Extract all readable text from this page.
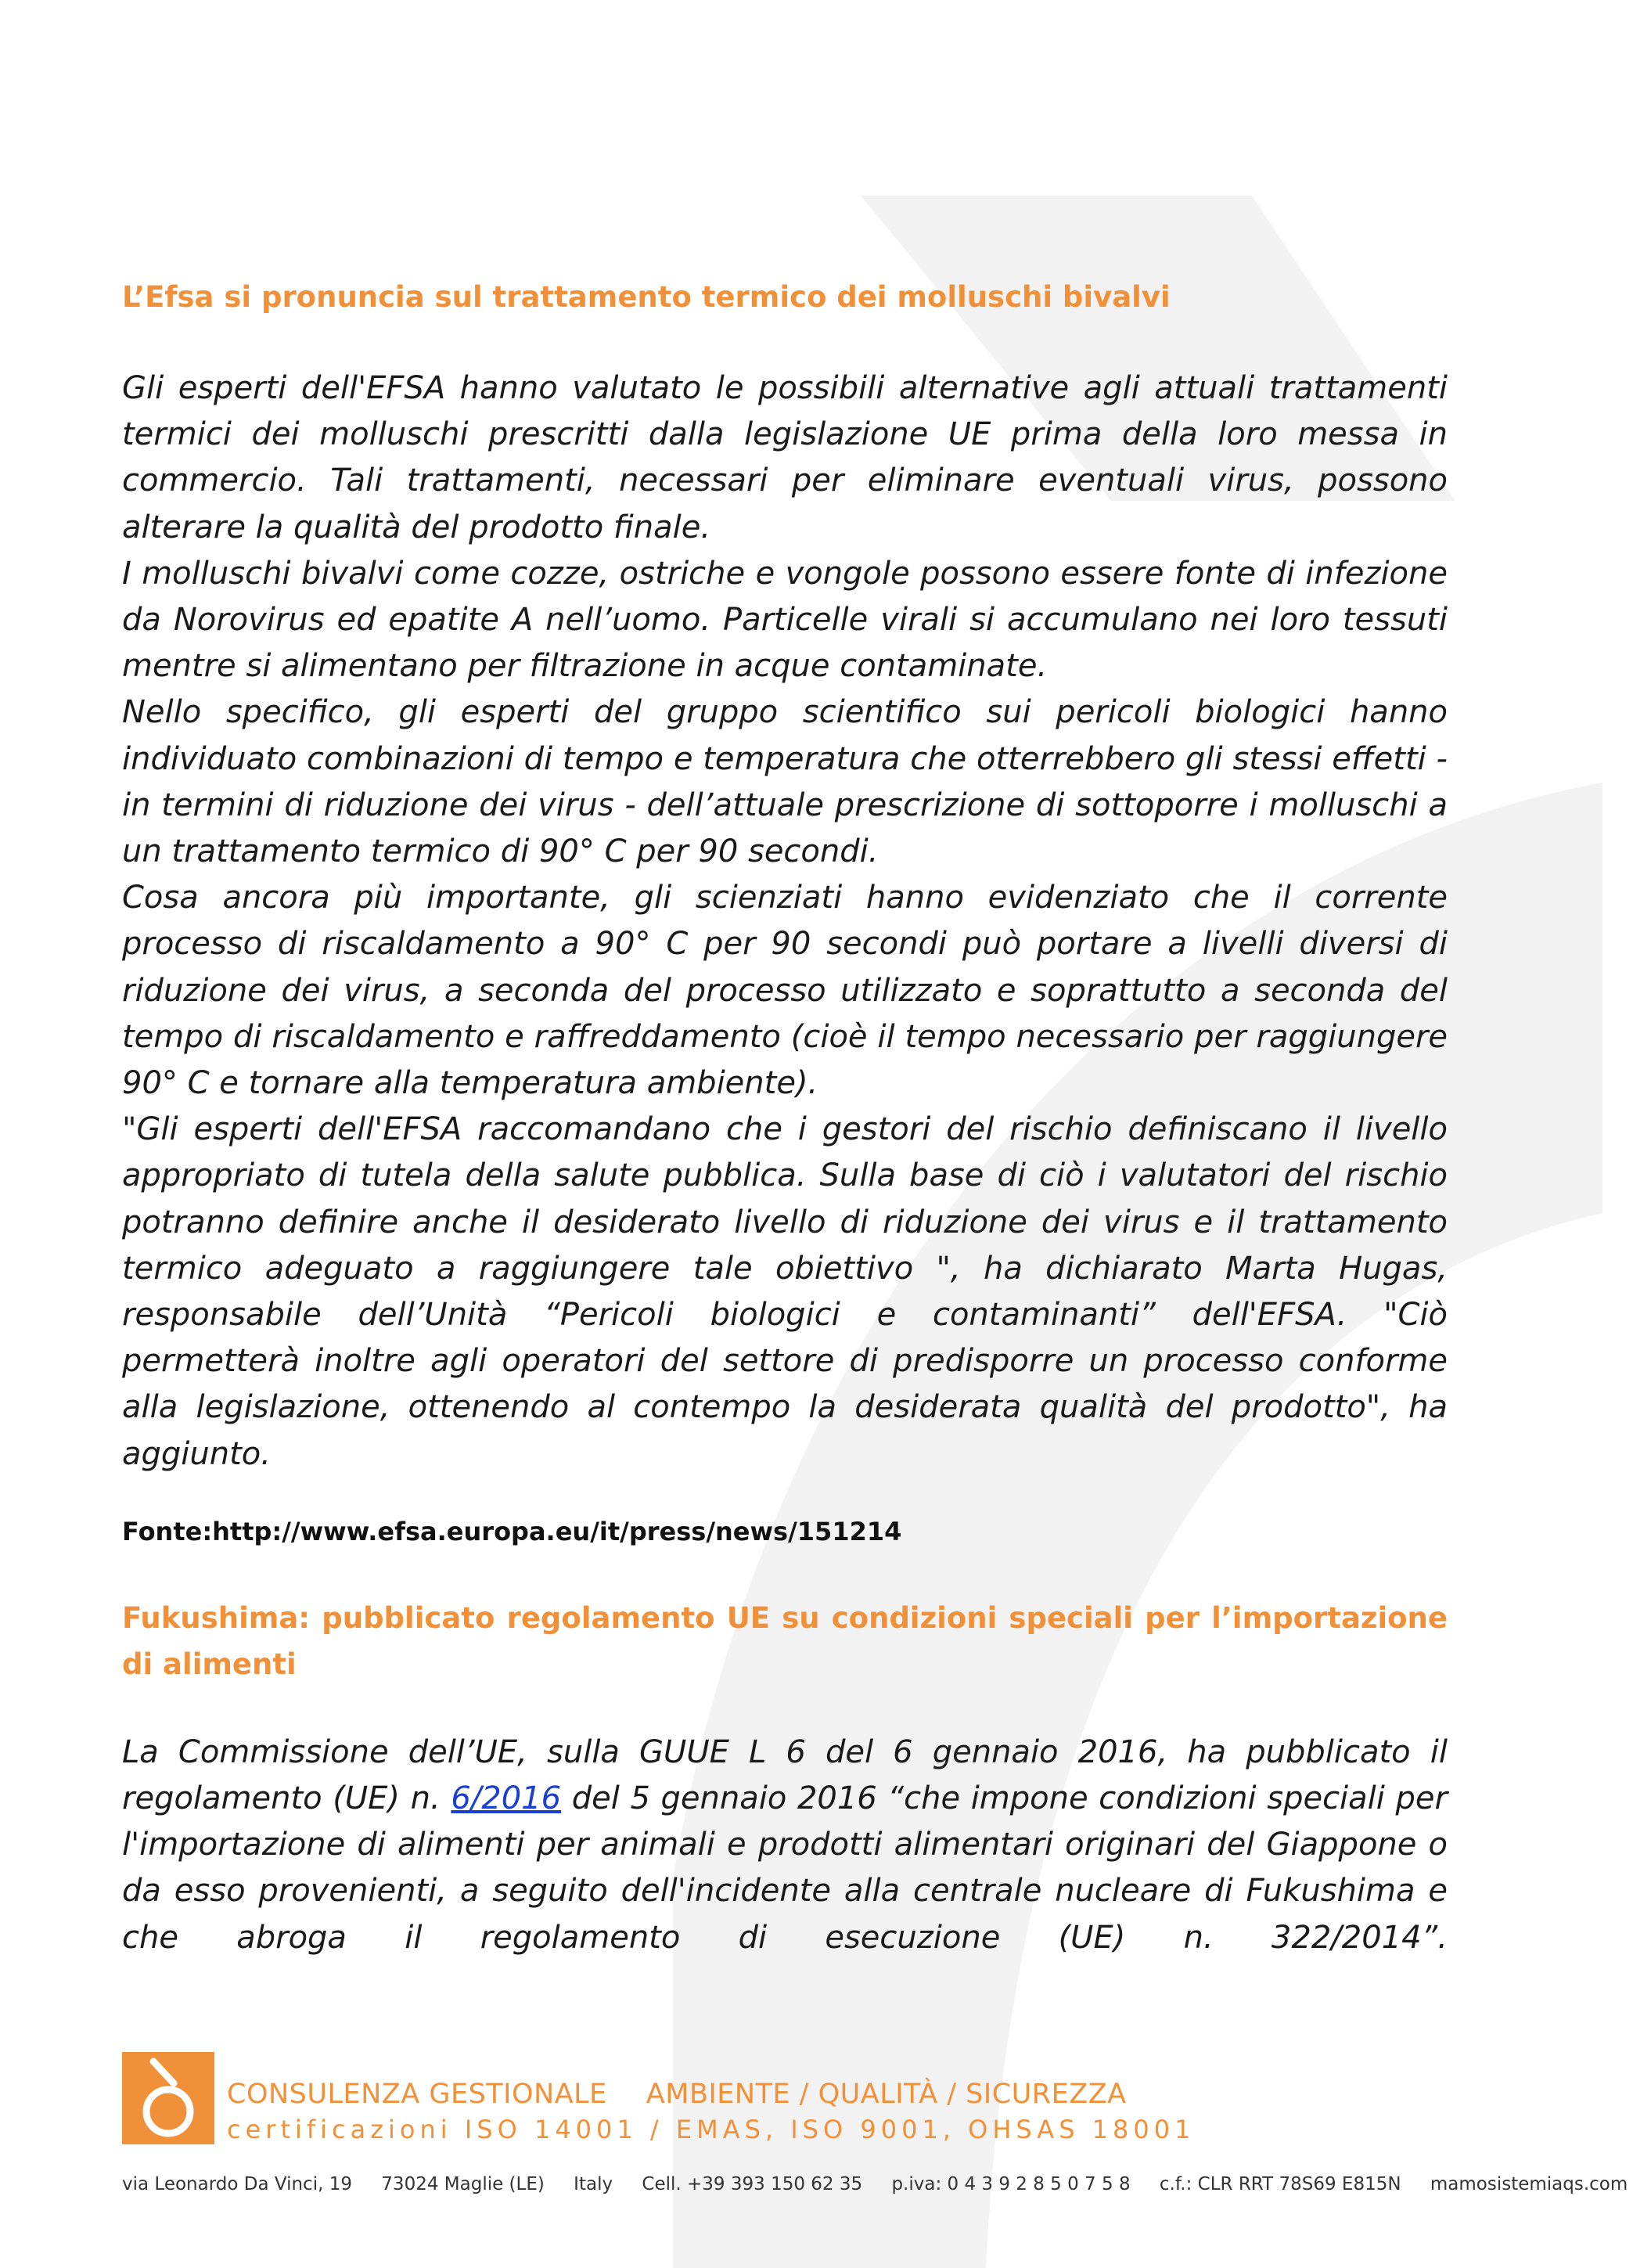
L’Efsa si pronuncia sul trattamento termico dei molluschi bivalvi

Gli esperti dell'EFSA hanno valutato le possibili alternative agli attuali trattamenti termici dei molluschi prescritti dalla legislazione UE prima della loro messa in commercio. Tali trattamenti, necessari per eliminare eventuali virus, possono alterare la qualità del prodotto finale.

I molluschi bivalvi come cozze, ostriche e vongole possono essere fonte di infezione da Norovirus ed epatite A nell’uomo. Particelle virali si accumulano nei loro tessuti mentre si alimentano per filtrazione in acque contaminate.

Nello specifico, gli esperti del gruppo scientifico sui pericoli biologici hanno individuato combinazioni di tempo e temperatura che otterrebbero gli stessi effetti - in termini di riduzione dei virus - dell’attuale prescrizione di sottoporre i molluschi a un trattamento termico di 90° C per 90 secondi.

Cosa ancora più importante, gli scienziati hanno evidenziato che il corrente processo di riscaldamento a 90° C per 90 secondi può portare a livelli diversi di riduzione dei virus, a seconda del processo utilizzato e soprattutto a seconda del tempo di riscaldamento e raffreddamento (cioè il tempo necessario per raggiungere 90° C e tornare alla temperatura ambiente).

"Gli esperti dell'EFSA raccomandano che i gestori del rischio definiscano il livello appropriato di tutela della salute pubblica. Sulla base di ciò i valutatori del rischio potranno definire anche il desiderato livello di riduzione dei virus e il trattamento termico adeguato a raggiungere tale obiettivo ", ha dichiarato Marta Hugas, responsabile dell’Unità “Pericoli biologici e contaminanti” dell'EFSA. "Ciò permetterà inoltre agli operatori del settore di predisporre un processo conforme alla legislazione, ottenendo al contempo la desiderata qualità del prodotto", ha aggiunto.

Fonte:http://www.efsa.europa.eu/it/press/news/151214
Fukushima: pubblicato regolamento UE su condizioni speciali per l’importazione di alimenti

La Commissione dell’UE, sulla GUUE L 6 del 6 gennaio 2016, ha pubblicato il regolamento (UE) n. 6/2016 del 5 gennaio 2016 “che impone condizioni speciali per l'importazione di alimenti per animali e prodotti alimentari originari del Giappone o da esso provenienti, a seguito dell'incidente alla centrale nucleare di Fukushima e che abroga il regolamento di esecuzione (UE) n. 322/2014”.

CONSULENZA GESTIONALE AMBIENTE / QUALITÀ / SICUREZZA
certificazioni ISO 14001 / EMAS, ISO 9001, OHSAS 18001
via Leonardo Da Vinci, 19 73024 Maglie (LE) Italy Cell. +39 393 150 62 35 p.iva: 0 4 3 9 2 8 5 0 7 5 8 c.f.: CLR RRT 78S69 E815N mamosistemiaqs.com
